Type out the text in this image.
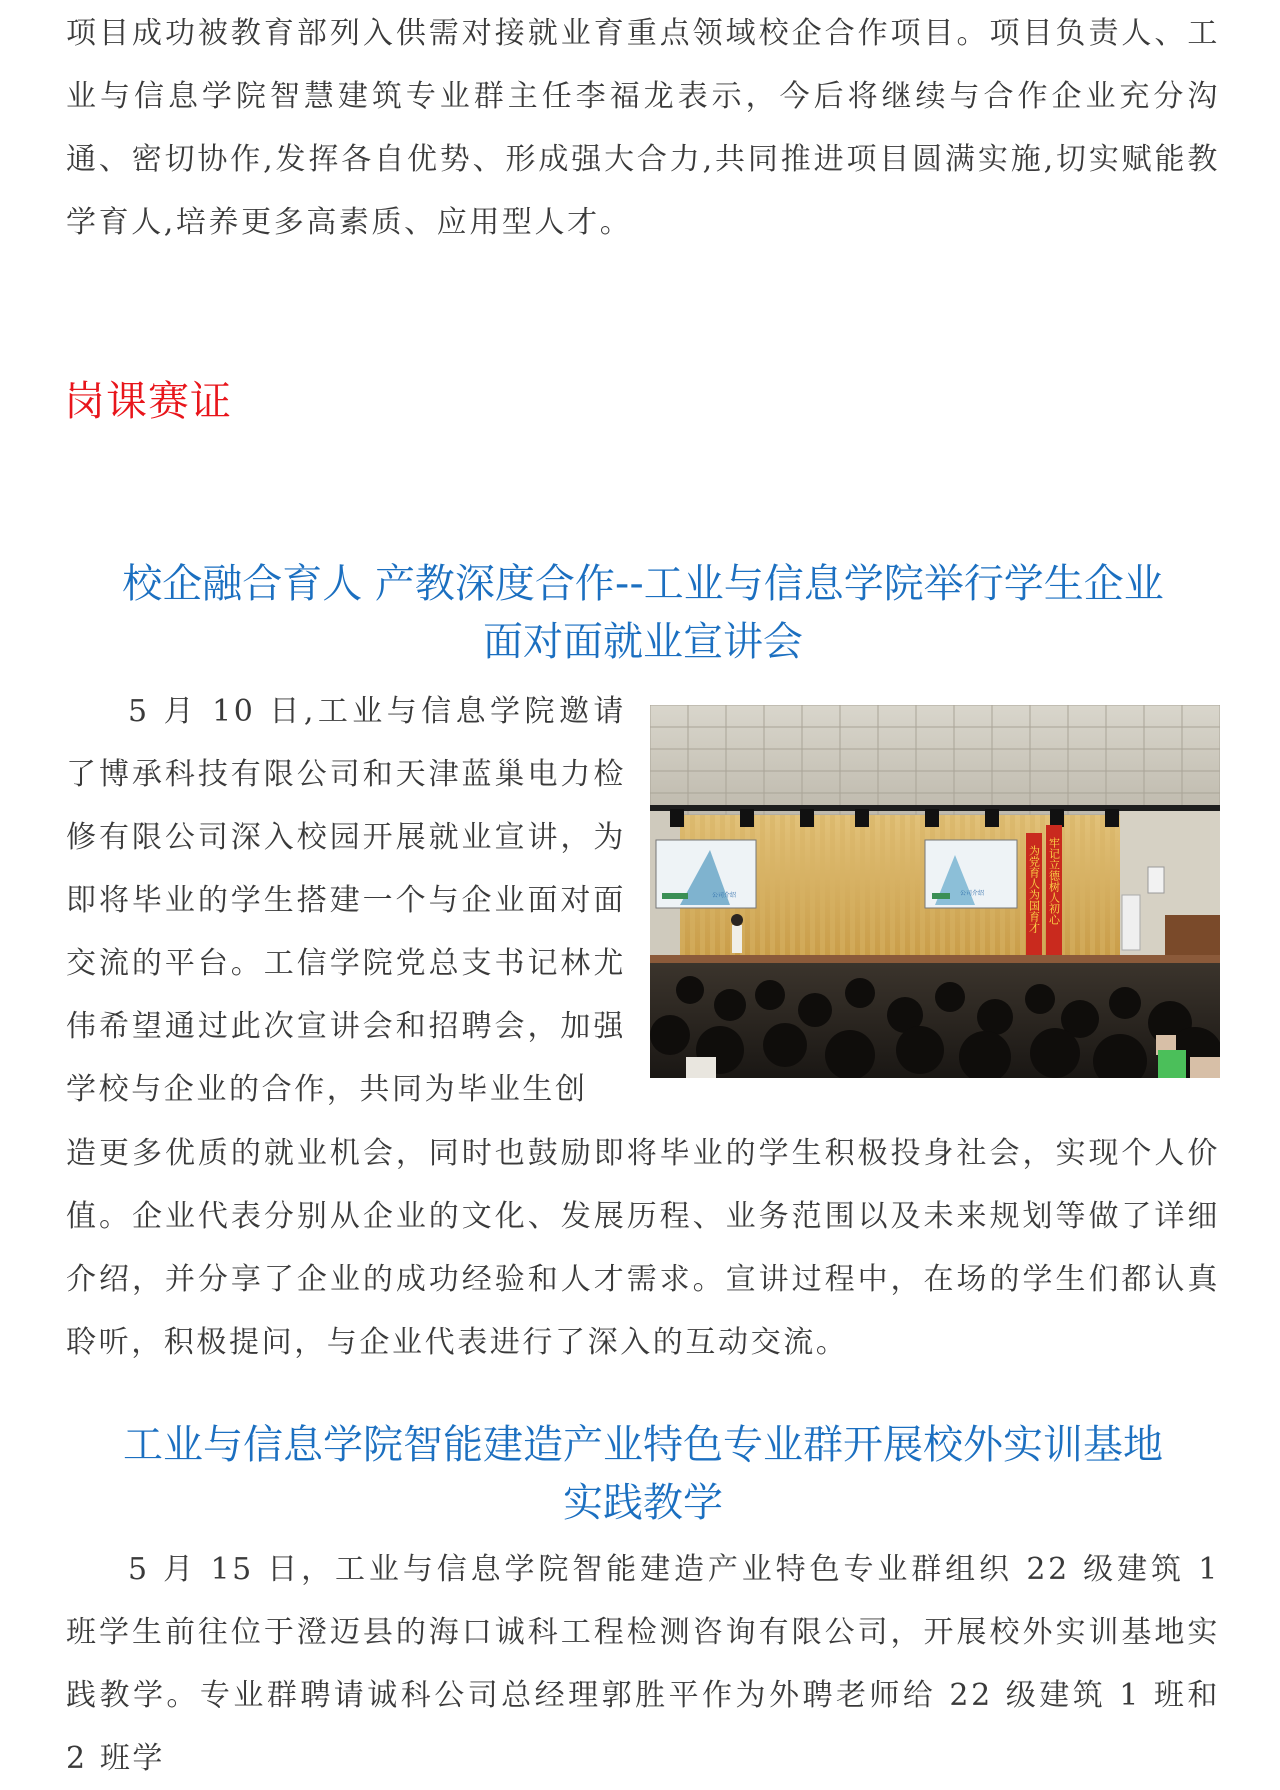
项目成功被教育部列入供需对接就业育重点领域校企合作项目。项目负责人、工业与信息学院智慧建筑专业群主任李福龙表示，今后将继续与合作企业充分沟通、密切协作,发挥各自优势、形成强大合力,共同推进项目圆满实施,切实赋能教学育人,培养更多高素质、应用型人才。

岗课赛证
校企融合育人 产教深度合作--工业与信息学院举行学生企业
面对面就业宣讲会

5 月 10 日,工业与信息学院邀请了博承科技有限公司和天津蓝巢电力检修有限公司深入校园开展就业宣讲，为即将毕业的学生搭建一个与企业面对面交流的平台。工信学院党总支书记林尤伟希望通过此次宣讲会和招聘会，加强学校与企业的合作，共同为毕业生创

公司介绍	公司介绍	牢记立德树人初心
为党育人为国育才

造更多优质的就业机会，同时也鼓励即将毕业的学生积极投身社会，实现个人价值。企业代表分别从企业的文化、发展历程、业务范围以及未来规划等做了详细介绍，并分享了企业的成功经验和人才需求。宣讲过程中，在场的学生们都认真聆听，积极提问，与企业代表进行了深入的互动交流。

工业与信息学院智能建造产业特色专业群开展校外实训基地
实践教学

5 月 15 日，工业与信息学院智能建造产业特色专业群组织 22 级建筑 1 班学生前往位于澄迈县的海口诚科工程检测咨询有限公司，开展校外实训基地实践教学。专业群聘请诚科公司总经理郭胜平作为外聘老师给 22 级建筑 1 班和 2 班学
